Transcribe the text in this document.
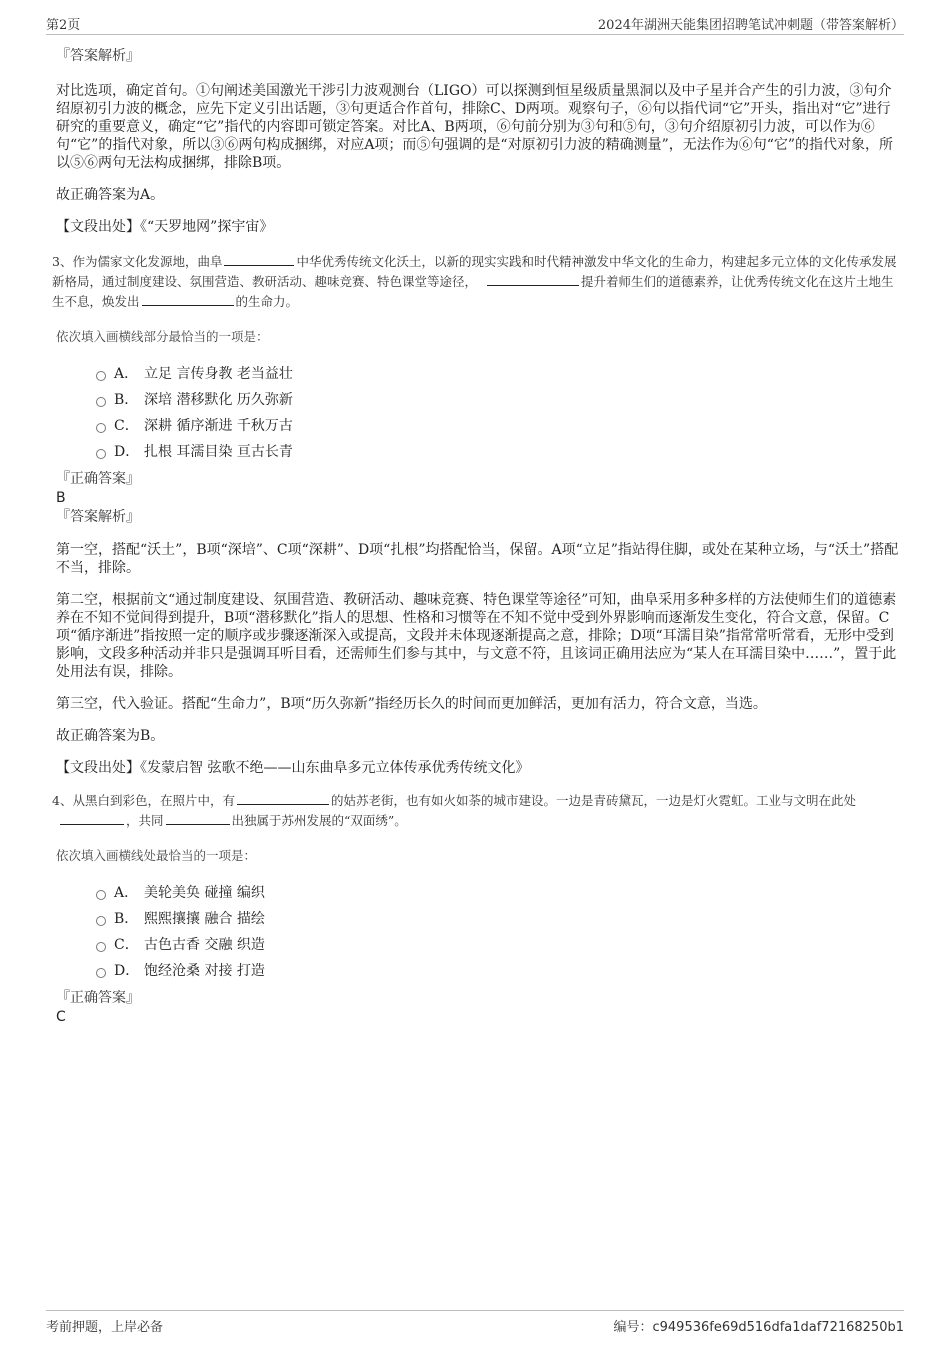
第2页	2024年湖洲天能集团招聘笔试冲刺题（带答案解析）

『答案解析』

对比选项，确定首句。①句阐述美国激光干涉引力波观测台（LIGO）可以探测到恒星级质量黑洞以及中子星并合产生的引力波，③句介绍原初引力波的概念，应先下定义引出话题，③句更适合作首句，排除C、D两项。观察句子，⑥句以指代词“它”开头，指出对“它”进行研究的重要意义，确定“它”指代的内容即可锁定答案。对比A、B两项，⑥句前分别为③句和⑤句，③句介绍原初引力波，可以作为⑥句“它”的指代对象，所以③⑥两句构成捆绑，对应A项；而⑤句强调的是“对原初引力波的精确测量”，无法作为⑥句“它”的指代对象，所以⑤⑥两句无法构成捆绑，排除B项。

故正确答案为A。

【文段出处】《“天罗地网”探宇宙》

3、作为儒家文化发源地，曲阜	中华优秀传统文化沃土，以新的现实实践和时代精神激发中华文化的生命力，构建起多元立体的文化传承发展新格局，通过制度建设、氛围营造、教研活动、趣味竞赛、特色课堂等途径，	提升着师生们的道德素养，让优秀传统文化在这片土地生生不息，焕发出	的生命力。

依次填入画横线部分最恰当的一项是：

A． 立足 言传身教 老当益壮
B． 深培 潜移默化 历久弥新
C． 深耕 循序渐进 千秋万古
D． 扎根 耳濡目染 亘古长青

『正确答案』

B

『答案解析』

第一空，搭配“沃土”，B项“深培”、C项“深耕”、D项“扎根”均搭配恰当，保留。A项“立足”指站得住脚，或处在某种立场，与“沃土”搭配不当，排除。

第二空，根据前文“通过制度建设、氛围营造、教研活动、趣味竞赛、特色课堂等途径”可知，曲阜采用多种多样的方法使师生们的道德素养在不知不觉间得到提升，B项“潜移默化”指人的思想、性格和习惯等在不知不觉中受到外界影响而逐渐发生变化，符合文意，保留。C项“循序渐进”指按照一定的顺序或步骤逐渐深入或提高，文段并未体现逐渐提高之意，排除；D项“耳濡目染”指常常听常看，无形中受到影响，文段多种活动并非只是强调耳听目看，还需师生们参与其中，与文意不符，且该词正确用法应为“某人在耳濡目染中……”，置于此处用法有误，排除。

第三空，代入验证。搭配“生命力”，B项“历久弥新”指经历长久的时间而更加鲜活，更加有活力，符合文意，当选。

故正确答案为B。

【文段出处】《发蒙启智 弦歌不绝——山东曲阜多元立体传承优秀传统文化》

4、从黑白到彩色，在照片中，有	的姑苏老街，也有如火如荼的城市建设。一边是青砖黛瓦，一边是灯火霓虹。工业与文明在此处，共同	出独属于苏州发展的“双面绣”。

依次填入画横线处最恰当的一项是：

A． 美轮美奂 碰撞 编织
B． 熙熙攘攘 融合 描绘
C． 古色古香 交融 织造
D． 饱经沧桑 对接 打造

『正确答案』

C

考前押题，上岸必备	编号：c949536fe69d516dfa1daf72168250b1
